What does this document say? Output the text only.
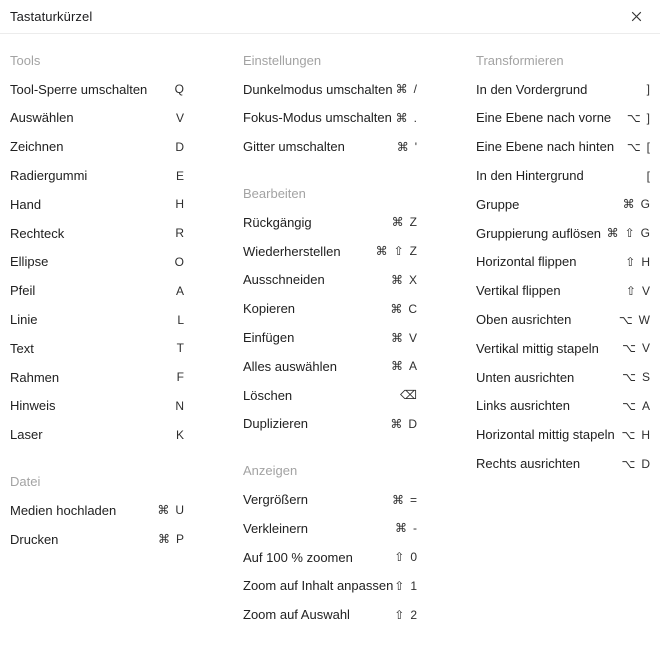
Tastaturkürzel
Tools
Tool-Sperre umschalten Q
Auswählen	V
Zeichnen	D
Radiergummi	E
Hand	H
Rechteck	R
Ellipse	O
Pfeil	A
Linie	L
Text	T
Rahmen	F
Hinweis	N
Laser	K
Datei
Medien hochladen	⌘ U
Drucken	⌘ P
Einstellungen
Dunkelmodus umschalten ⌘ /
Fokus-Modus umschalten ⌘ .
Gitter umschalten	⌘ '
Bearbeiten
Rückgängig	⌘ Z
Wiederherstellen	⌘ ⇧ Z
Ausschneiden	⌘ X
Kopieren	⌘ C
Einfügen	⌘ V
Alles auswählen	⌘ A
Löschen	⌫
Duplizieren	⌘ D
Anzeigen
Vergrößern	⌘ =
Verkleinern	⌘ -
Auf 100 % zoomen	⇧ 0
Zoom auf Inhalt anpassen ⇧ 1
Zoom auf Auswahl	⇧ 2
Transformieren
In den Vordergrund	]
Eine Ebene nach vorne ⌥ ]
Eine Ebene nach hinten ⌥ [
In den Hintergrund	[
Gruppe	⌘ G
Gruppierung auflösen ⌘ ⇧ G
Horizontal flippen	⇧ H
Vertikal flippen	⇧ V
Oben ausrichten	⌥ W
Vertikal mittig stapeln ⌥ V
Unten ausrichten	⌥ S
Links ausrichten	⌥ A
Horizontal mittig stapeln ⌥ H
Rechts ausrichten	⌥ D
